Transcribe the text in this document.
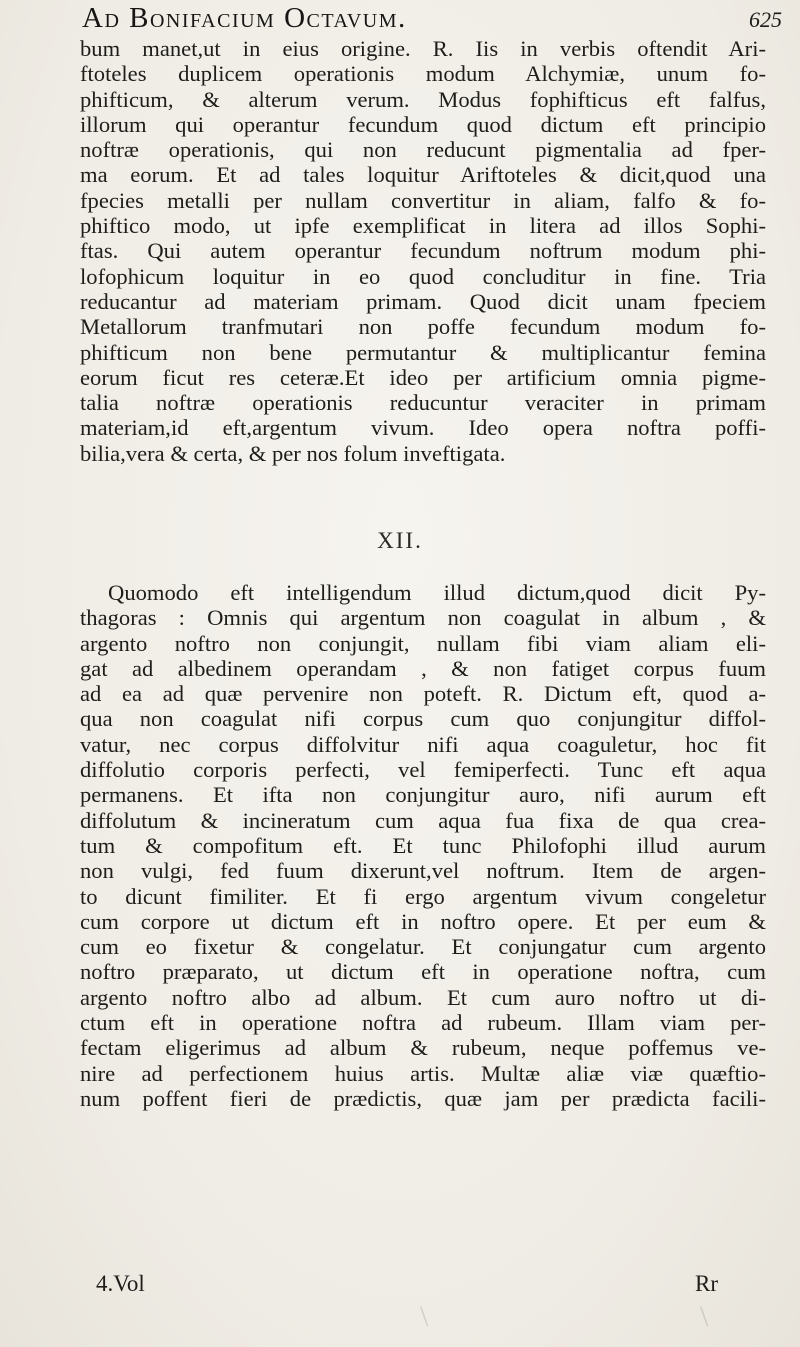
Ad Bonifacium Octavum.	625
bum manet,ut in eius origine. R. Iis in verbis oftendit Ari-
ftoteles duplicem operationis modum Alchymiæ, unum fo-
phifticum, & alterum verum. Modus fophifticus eft falfus,
illorum qui operantur fecundum quod dictum eft principio
noftræ operationis, qui non reducunt pigmentalia ad fper-
ma eorum. Et ad tales loquitur Ariftoteles & dicit,quod una
fpecies metalli per nullam convertitur in aliam, falfo & fo-
phiftico modo, ut ipfe exemplificat in litera ad illos Sophi-
ftas. Qui autem operantur fecundum noftrum modum phi-
lofophicum loquitur in eo quod concluditur in fine. Tria
reducantur ad materiam primam. Quod dicit unam fpeciem
Metallorum tranfmutari non poffe fecundum modum fo-
phifticum non bene permutantur & multiplicantur femina
eorum ficut res ceteræ.Et ideo per artificium omnia pigme-
talia noftræ operationis reducuntur veraciter in primam
materiam,id eft,argentum vivum. Ideo opera noftra poffi-
bilia,vera & certa, & per nos folum inveftigata.
XII.
Quomodo eft intelligendum illud dictum,quod dicit Py-
thagoras : Omnis qui argentum non coagulat in album , &
argento noftro non conjungit, nullam fibi viam aliam eli-
gat ad albedinem operandam , & non fatiget corpus fuum
ad ea ad quæ pervenire non poteft. R. Dictum eft, quod a-
qua non coagulat nifi corpus cum quo conjungitur diffol-
vatur, nec corpus diffolvitur nifi aqua coaguletur, hoc fit
diffolutio corporis perfecti, vel femiperfecti. Tunc eft aqua
permanens. Et ifta non conjungitur auro, nifi aurum eft
diffolutum & incineratum cum aqua fua fixa de qua crea-
tum & compofitum eft. Et tunc Philofophi illud aurum
non vulgi, fed fuum dixerunt,vel noftrum. Item de argen-
to dicunt fimiliter. Et fi ergo argentum vivum congeletur
cum corpore ut dictum eft in noftro opere. Et per eum &
cum eo fixetur & congelatur. Et conjungatur cum argento
noftro præparato, ut dictum eft in operatione noftra, cum
argento noftro albo ad album. Et cum auro noftro ut di-
ctum eft in operatione noftra ad rubeum. Illam viam per-
fectam eligerimus ad album & rubeum, neque poffemus ve-
nire ad perfectionem huius artis. Multæ aliæ viæ quæftio-
num poffent fieri de prædictis, quæ jam per prædicta facili-
4.Vol	Rr
\
\
